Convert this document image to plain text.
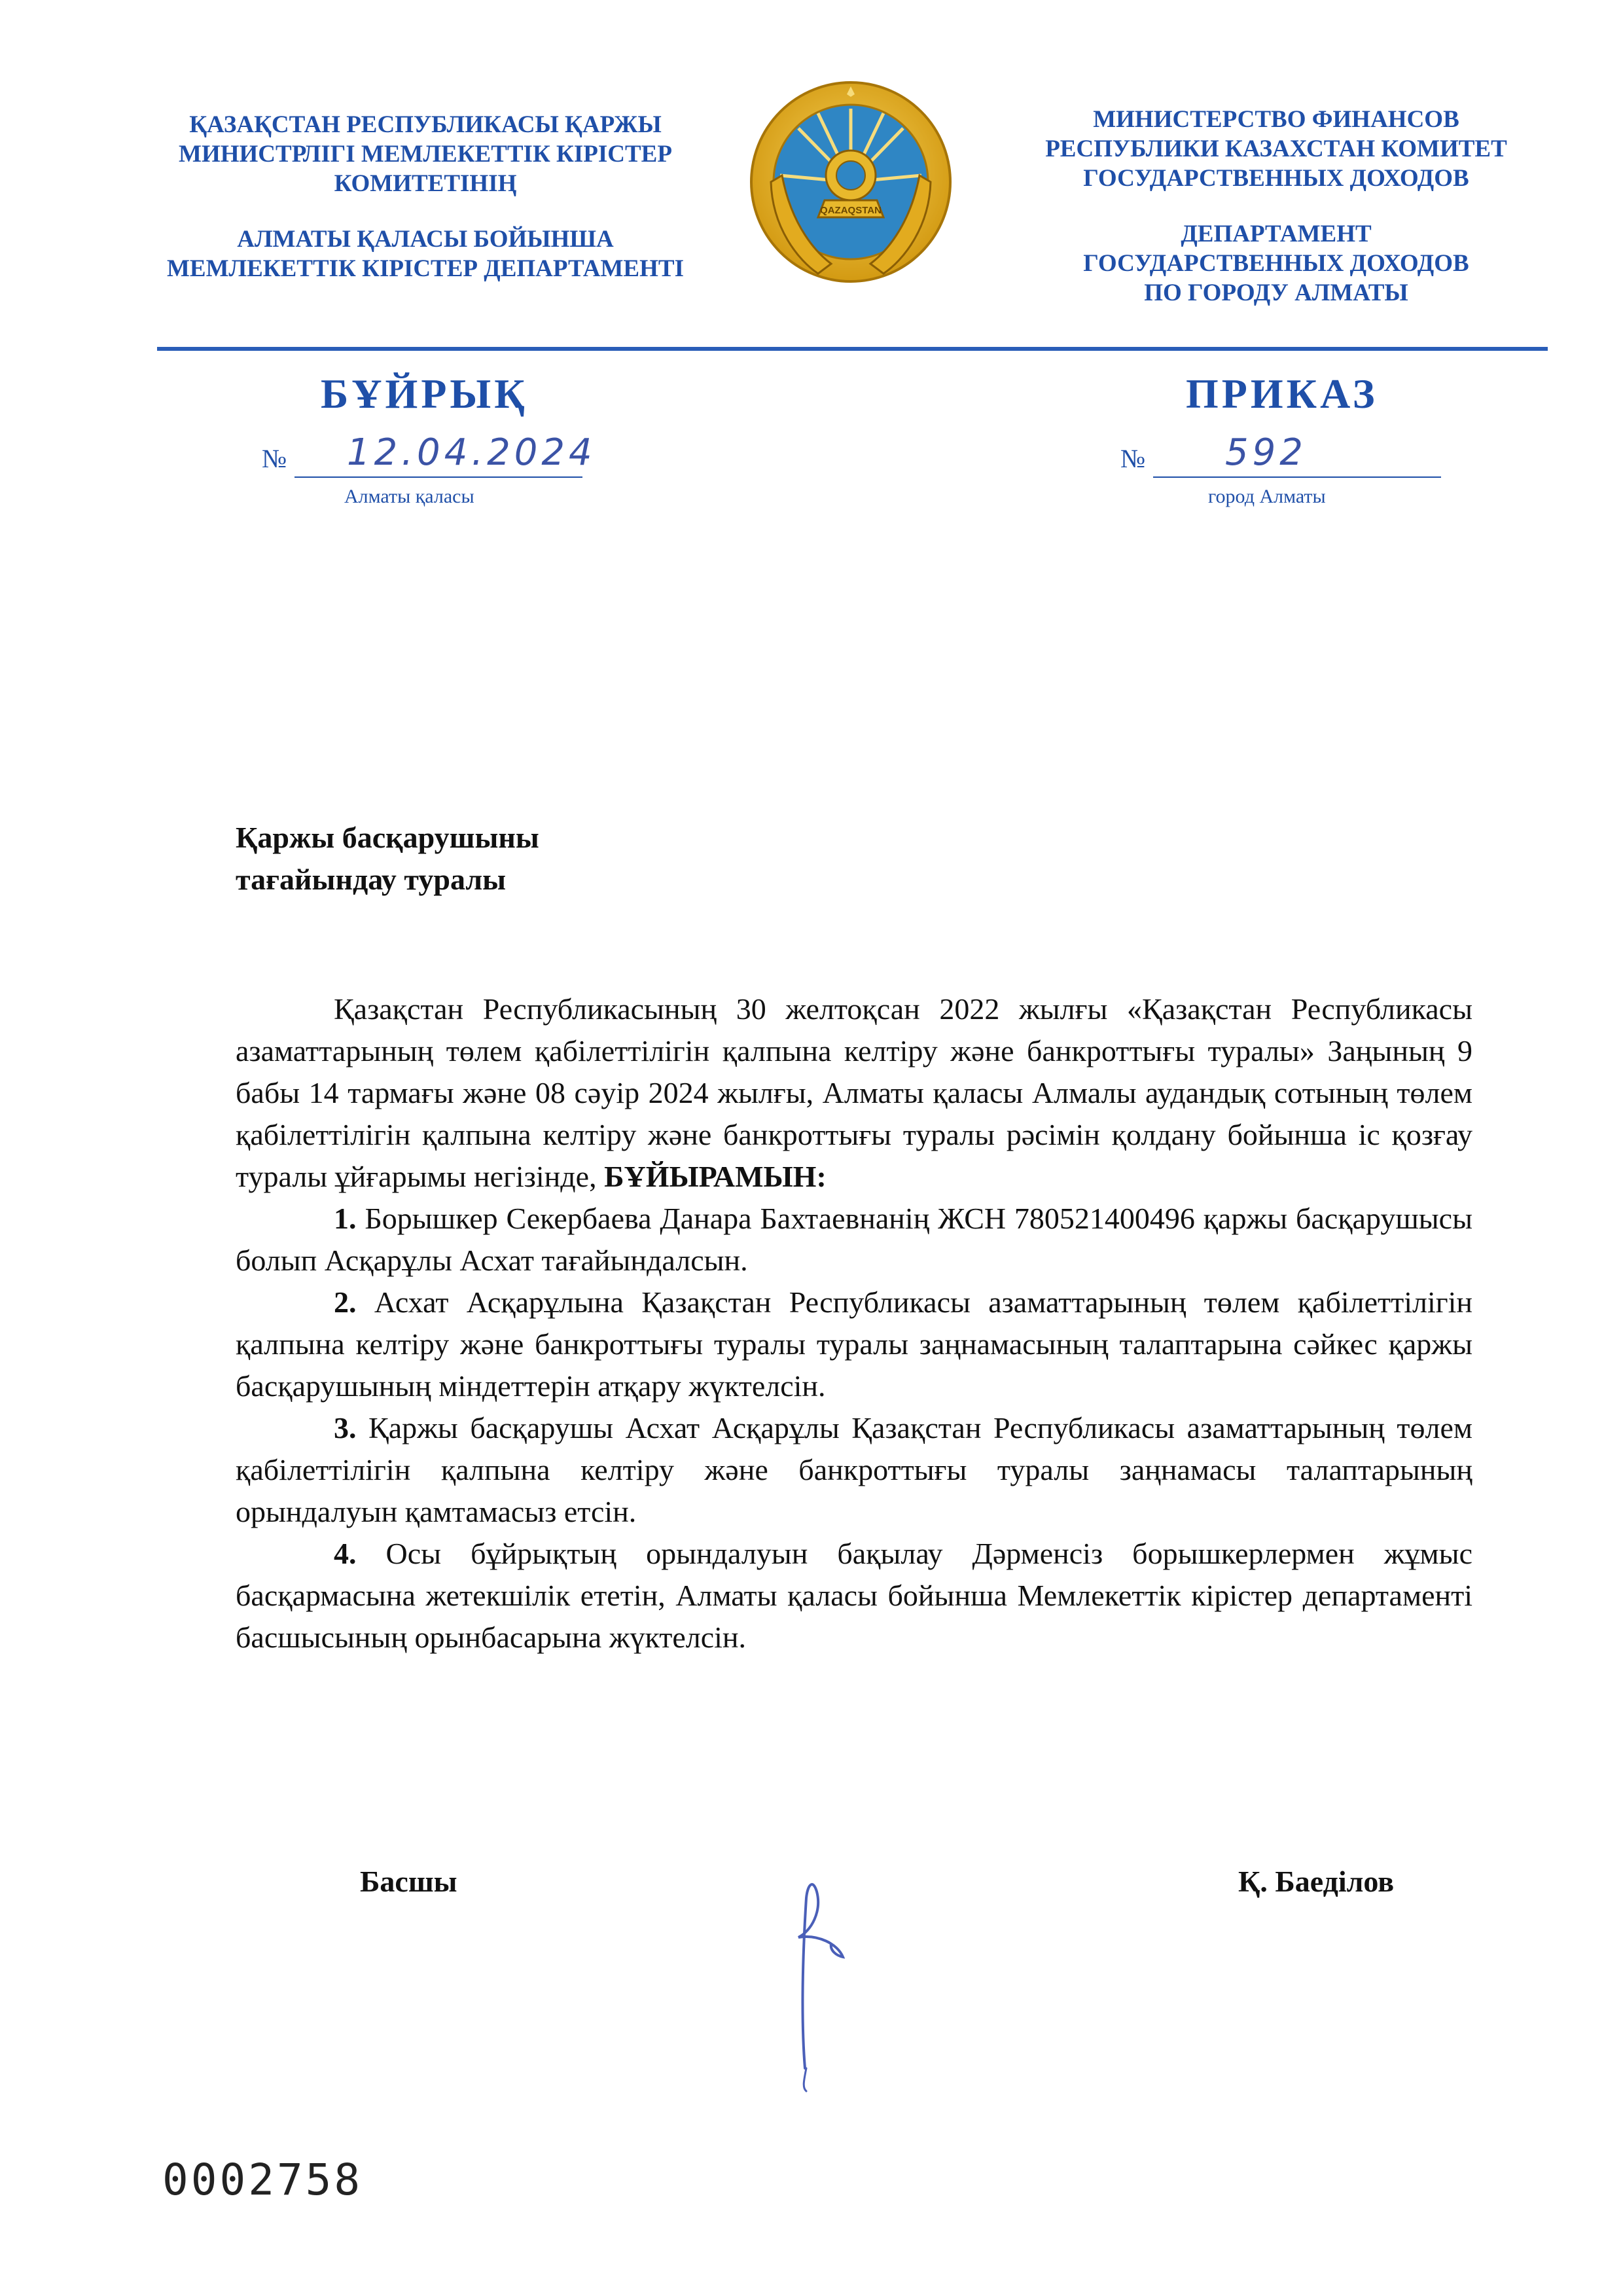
ҚАЗАҚСТАН РЕСПУБЛИКАСЫ ҚАРЖЫ
МИНИСТРЛІГІ МЕМЛЕКЕТТІК КІРІСТЕР
КОМИТЕТІНІҢ
АЛМАТЫ ҚАЛАСЫ БОЙЫНША
МЕМЛЕКЕТТІК КІРІСТЕР ДЕПАРТАМЕНТІ
QAZAQSTAN
МИНИСТЕРСТВО ФИНАНСОВ
РЕСПУБЛИКИ КАЗАХСТАН КОМИТЕТ
ГОСУДАРСТВЕННЫХ ДОХОДОВ
ДЕПАРТАМЕНТ
ГОСУДАРСТВЕННЫХ ДОХОДОВ
ПО ГОРОДУ АЛМАТЫ
БҰЙРЫҚ	ПРИКАЗ
№ 12.04.2024	№ 592
Алматы қаласы	город Алматы
Қаржы басқарушыны
тағайындау туралы

Қазақстан Республикасының 30 желтоқсан 2022 жылғы «Қазақстан Республикасы азаматтарының төлем қабілеттілігін қалпына келтіру және банкроттығы туралы» Заңының 9 бабы 14 тармағы және 08 сәуір 2024 жылғы, Алматы қаласы Алмалы аудандық сотының төлем қабілеттілігін қалпына келтіру және банкроттығы туралы рәсімін қолдану бойынша іс қозғау туралы ұйғарымы негізінде, БҰЙЫРАМЫН:

1. Борышкер Секербаева Данара Бахтаевнанің ЖСН 780521400496 қаржы басқарушысы болып Асқарұлы Асхат тағайындалсын.

2. Асхат Асқарұлына Қазақстан Республикасы азаматтарының төлем қабілеттілігін қалпына келтіру және банкроттығы туралы туралы заңнамасының талаптарына сәйкес қаржы басқарушының міндеттерін атқару жүктелсін.

3. Қаржы басқарушы Асхат Асқарұлы Қазақстан Республикасы азаматтарының төлем қабілеттілігін қалпына келтіру және банкроттығы туралы заңнамасы талаптарының орындалуын қамтамасыз етсін.

4. Осы бұйрықтың орындалуын бақылау Дәрменсіз борышкерлермен жұмыс басқармасына жетекшілік ететін, Алматы қаласы бойынша Мемлекеттік кірістер департаменті басшысының орынбасарына жүктелсін.

Басшы	Қ. Баеділов
0002758
